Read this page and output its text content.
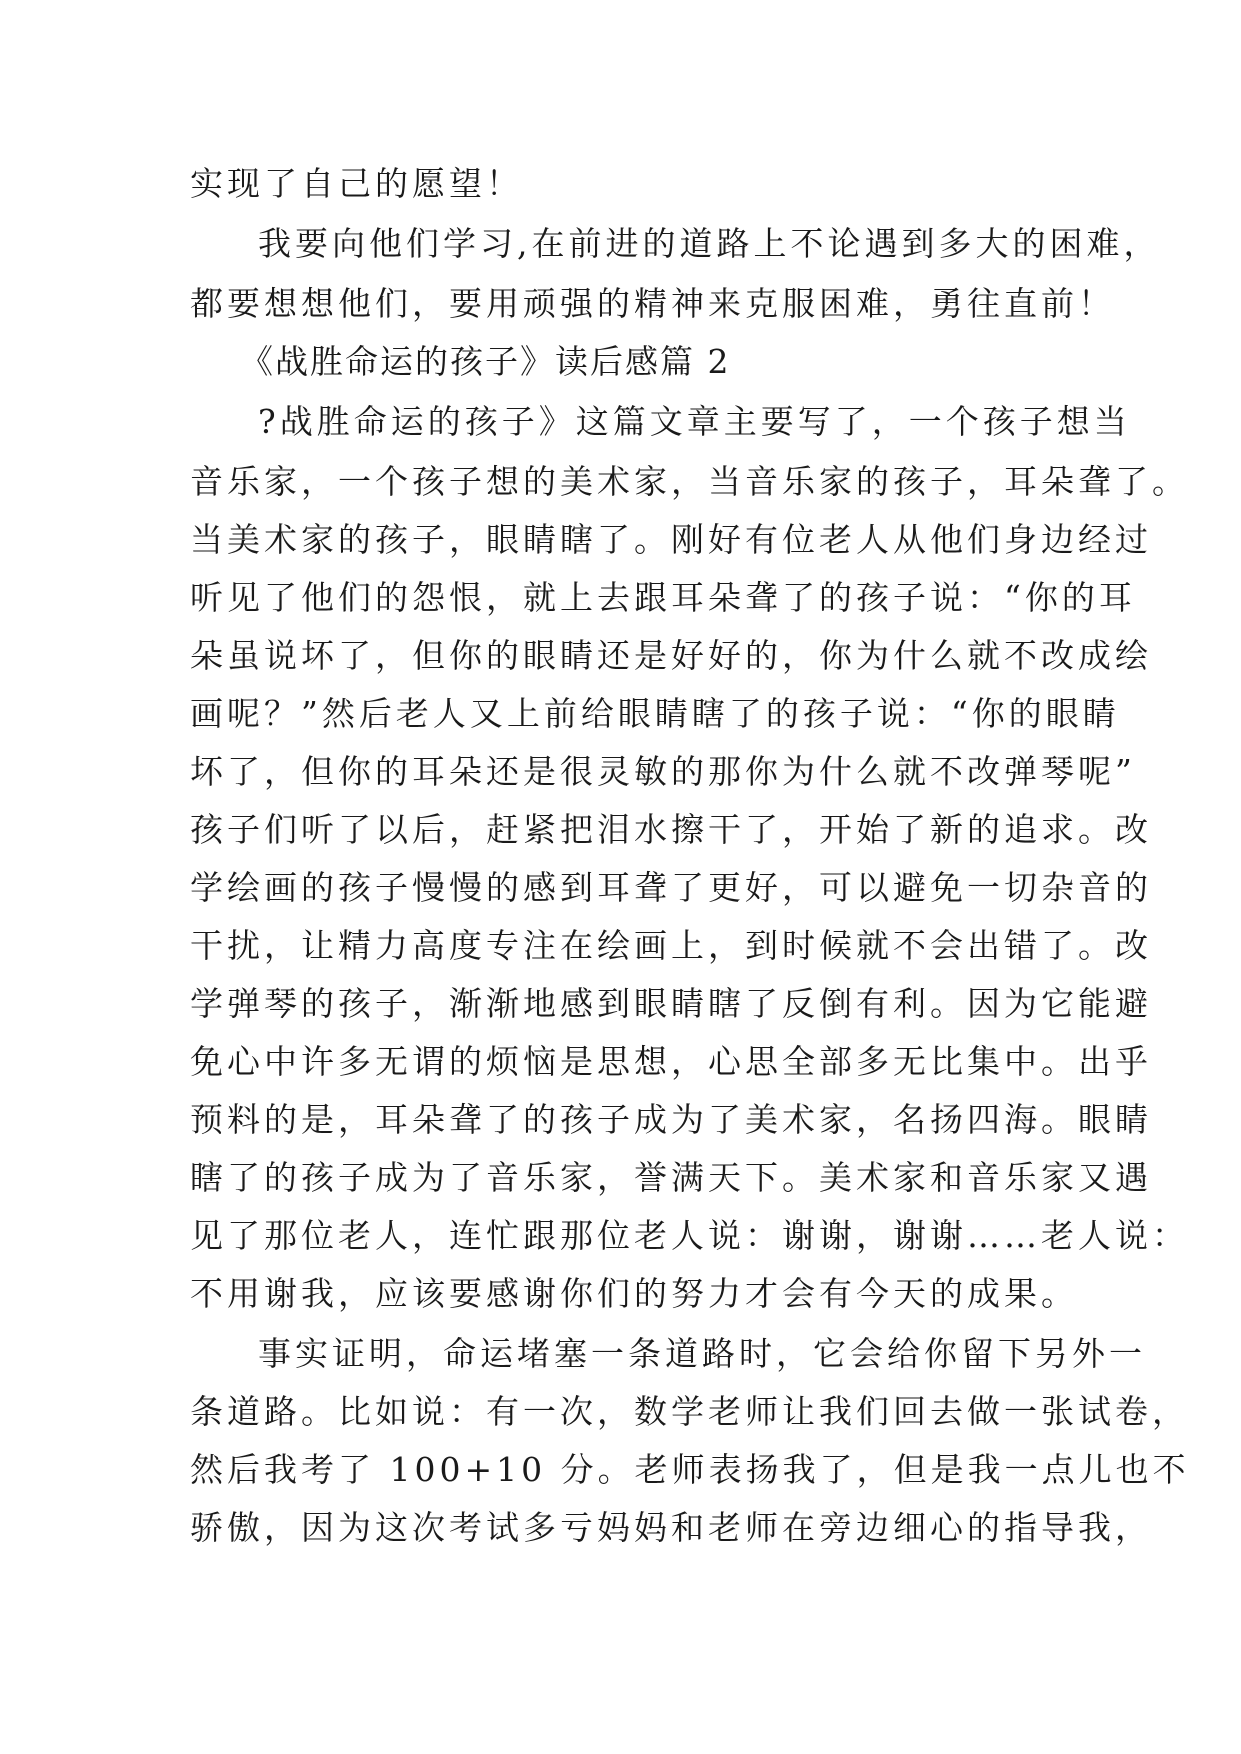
实现了自己的愿望！
我要向他们学习,在前进的道路上不论遇到多大的困难，
都要想想他们，要用顽强的精神来克服困难，勇往直前！
《战胜命运的孩子》读后感篇 2
?战胜命运的孩子》这篇文章主要写了，一个孩子想当
音乐家，一个孩子想的美术家，当音乐家的孩子，耳朵聋了。
当美术家的孩子，眼睛瞎了。刚好有位老人从他们身边经过
听见了他们的怨恨，就上去跟耳朵聋了的孩子说：“你的耳
朵虽说坏了，但你的眼睛还是好好的，你为什么就不改成绘
画呢？”然后老人又上前给眼睛瞎了的孩子说：“你的眼睛
坏了，但你的耳朵还是很灵敏的那你为什么就不改弹琴呢”
孩子们听了以后，赶紧把泪水擦干了，开始了新的追求。改
学绘画的孩子慢慢的感到耳聋了更好，可以避免一切杂音的
干扰，让精力高度专注在绘画上，到时候就不会出错了。改
学弹琴的孩子，渐渐地感到眼睛瞎了反倒有利。因为它能避
免心中许多无谓的烦恼是思想，心思全部多无比集中。出乎
预料的是，耳朵聋了的孩子成为了美术家，名扬四海。眼睛
瞎了的孩子成为了音乐家，誉满天下。美术家和音乐家又遇
见了那位老人，连忙跟那位老人说：谢谢，谢谢……老人说：
不用谢我，应该要感谢你们的努力才会有今天的成果。
事实证明，命运堵塞一条道路时，它会给你留下另外一
条道路。比如说：有一次，数学老师让我们回去做一张试卷，
然后我考了 100+10 分。老师表扬我了，但是我一点儿也不
骄傲，因为这次考试多亏妈妈和老师在旁边细心的指导我，
